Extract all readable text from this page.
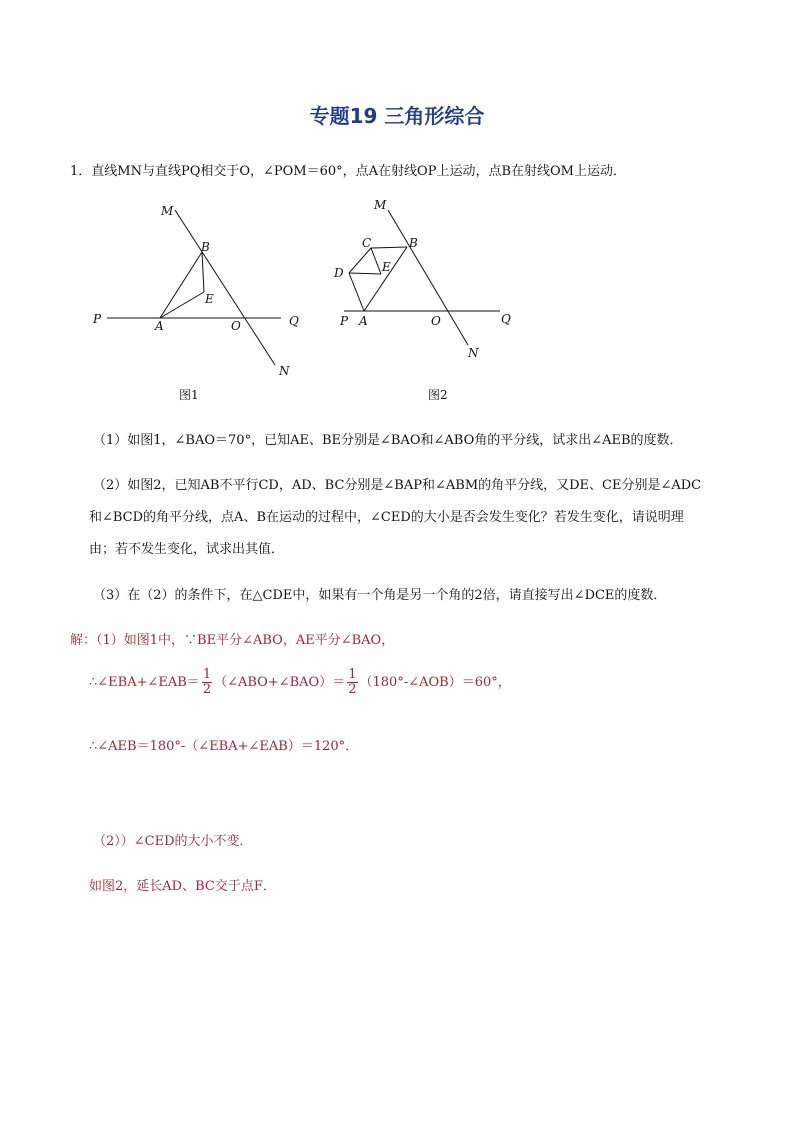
专题19 三角形综合
1．直线MN与直线PQ相交于O，∠POM＝60°，点A在射线OP上运动，点B在射线OM上运动．
M
B
E
P	A	O	Q
N
图1
M
C	B
D	E
P A	O	Q
N
图2
（1）如图1，∠BAO＝70°，已知AE、BE分别是∠BAO和∠ABO角的平分线，试求出∠AEB的度数．
（2）如图2，已知AB不平行CD，AD、BC分别是∠BAP和∠ABM的角平分线，又DE、CE分别是∠ADC
和∠BCD的角平分线，点A、B在运动的过程中，∠CED的大小是否会发生变化？若发生变化，请说明理
由；若不发生变化，试求出其值．
（3）在（2）的条件下，在△CDE中，如果有一个角是另一个角的2倍，请直接写出∠DCE的度数．
解：（1）如图1中，∵BE平分∠ABO，AE平分∠BAO，
∴∠EBA+∠EAB＝ $\frac{1}{2}$ （∠ABO+∠BAO）＝ $\frac{1}{2}$ （180°-∠AOB）＝60°，
∴∠AEB＝180°-（∠EBA+∠EAB）＝120°．
（2））∠CED的大小不变．
如图2，延长AD、BC交于点F．
